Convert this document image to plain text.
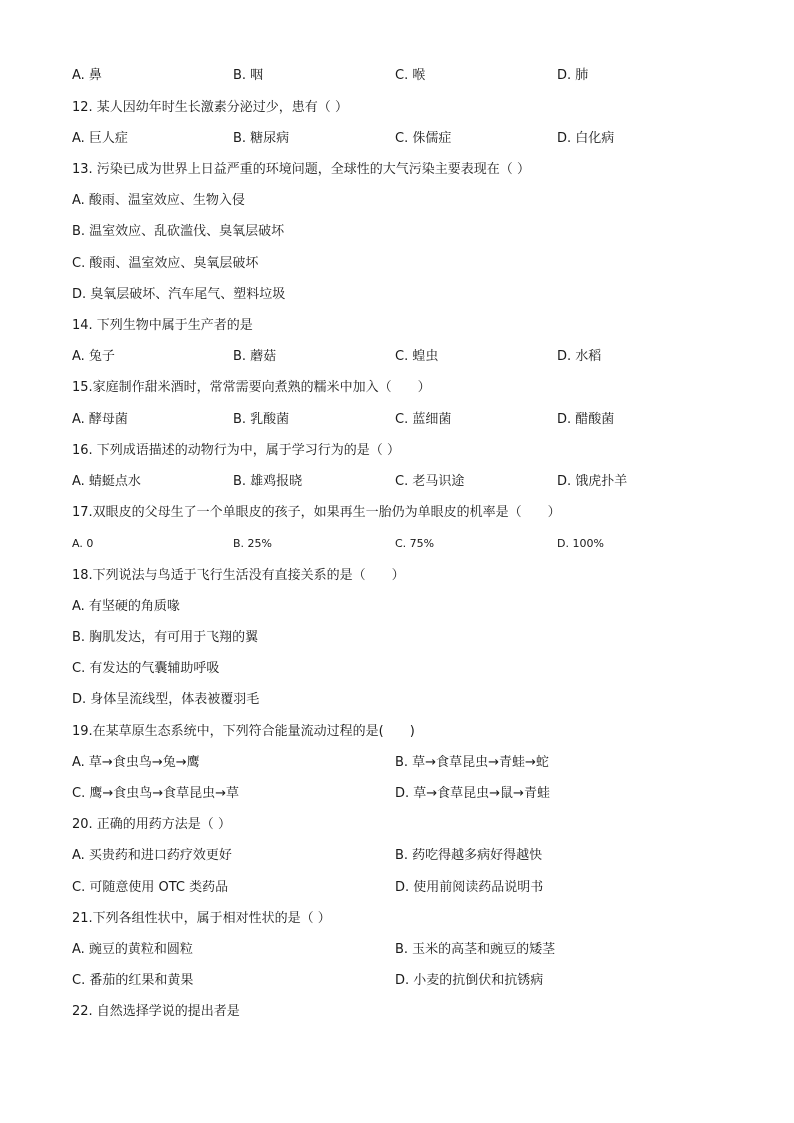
A. 鼻	B. 咽	C. 喉	D. 肺
12. 某人因幼年时生长激素分泌过少，患有（ ）
A. 巨人症	B. 糖尿病	C. 侏儒症	D. 白化病
13. 污染已成为世界上日益严重的环境问题，全球性的大气污染主要表现在（ ）
A. 酸雨、温室效应、生物入侵
B. 温室效应、乱砍滥伐、臭氧层破坏
C. 酸雨、温室效应、臭氧层破坏
D. 臭氧层破坏、汽车尾气、塑料垃圾
14. 下列生物中属于生产者的是
A. 兔子	B. 蘑菇	C. 蝗虫	D. 水稻
15.家庭制作甜米酒时，常常需要向煮熟的糯米中加入（　　）
A. 酵母菌	B. 乳酸菌	C. 蓝细菌	D. 醋酸菌
16. 下列成语描述的动物行为中，属于学习行为的是（ ）
A. 蜻蜓点水	B. 雄鸡报晓	C. 老马识途	D. 饿虎扑羊
17.双眼皮的父母生了一个单眼皮的孩子，如果再生一胎仍为单眼皮的机率是（　　）
A. 0	B. 25%	C. 75%	D. 100%
18.下列说法与鸟适于飞行生活没有直接关系的是（　　）
A. 有坚硬的角质喙
B. 胸肌发达，有可用于飞翔的翼
C. 有发达的气囊辅助呼吸
D. 身体呈流线型，体表被覆羽毛
19.在某草原生态系统中，下列符合能量流动过程的是(　　)
A. 草→食虫鸟→兔→鹰	B. 草→食草昆虫→青蛙→蛇
C. 鹰→食虫鸟→食草昆虫→草	D. 草→食草昆虫→鼠→青蛙
20. 正确的用药方法是（ ）
A. 买贵药和进口药疗效更好	B. 药吃得越多病好得越快
C. 可随意使用 OTC 类药品	D. 使用前阅读药品说明书
21.下列各组性状中，属于相对性状的是（ ）
A. 豌豆的黄粒和圆粒	B. 玉米的高茎和豌豆的矮茎
C. 番茄的红果和黄果	D. 小麦的抗倒伏和抗锈病
22. 自然选择学说的提出者是
